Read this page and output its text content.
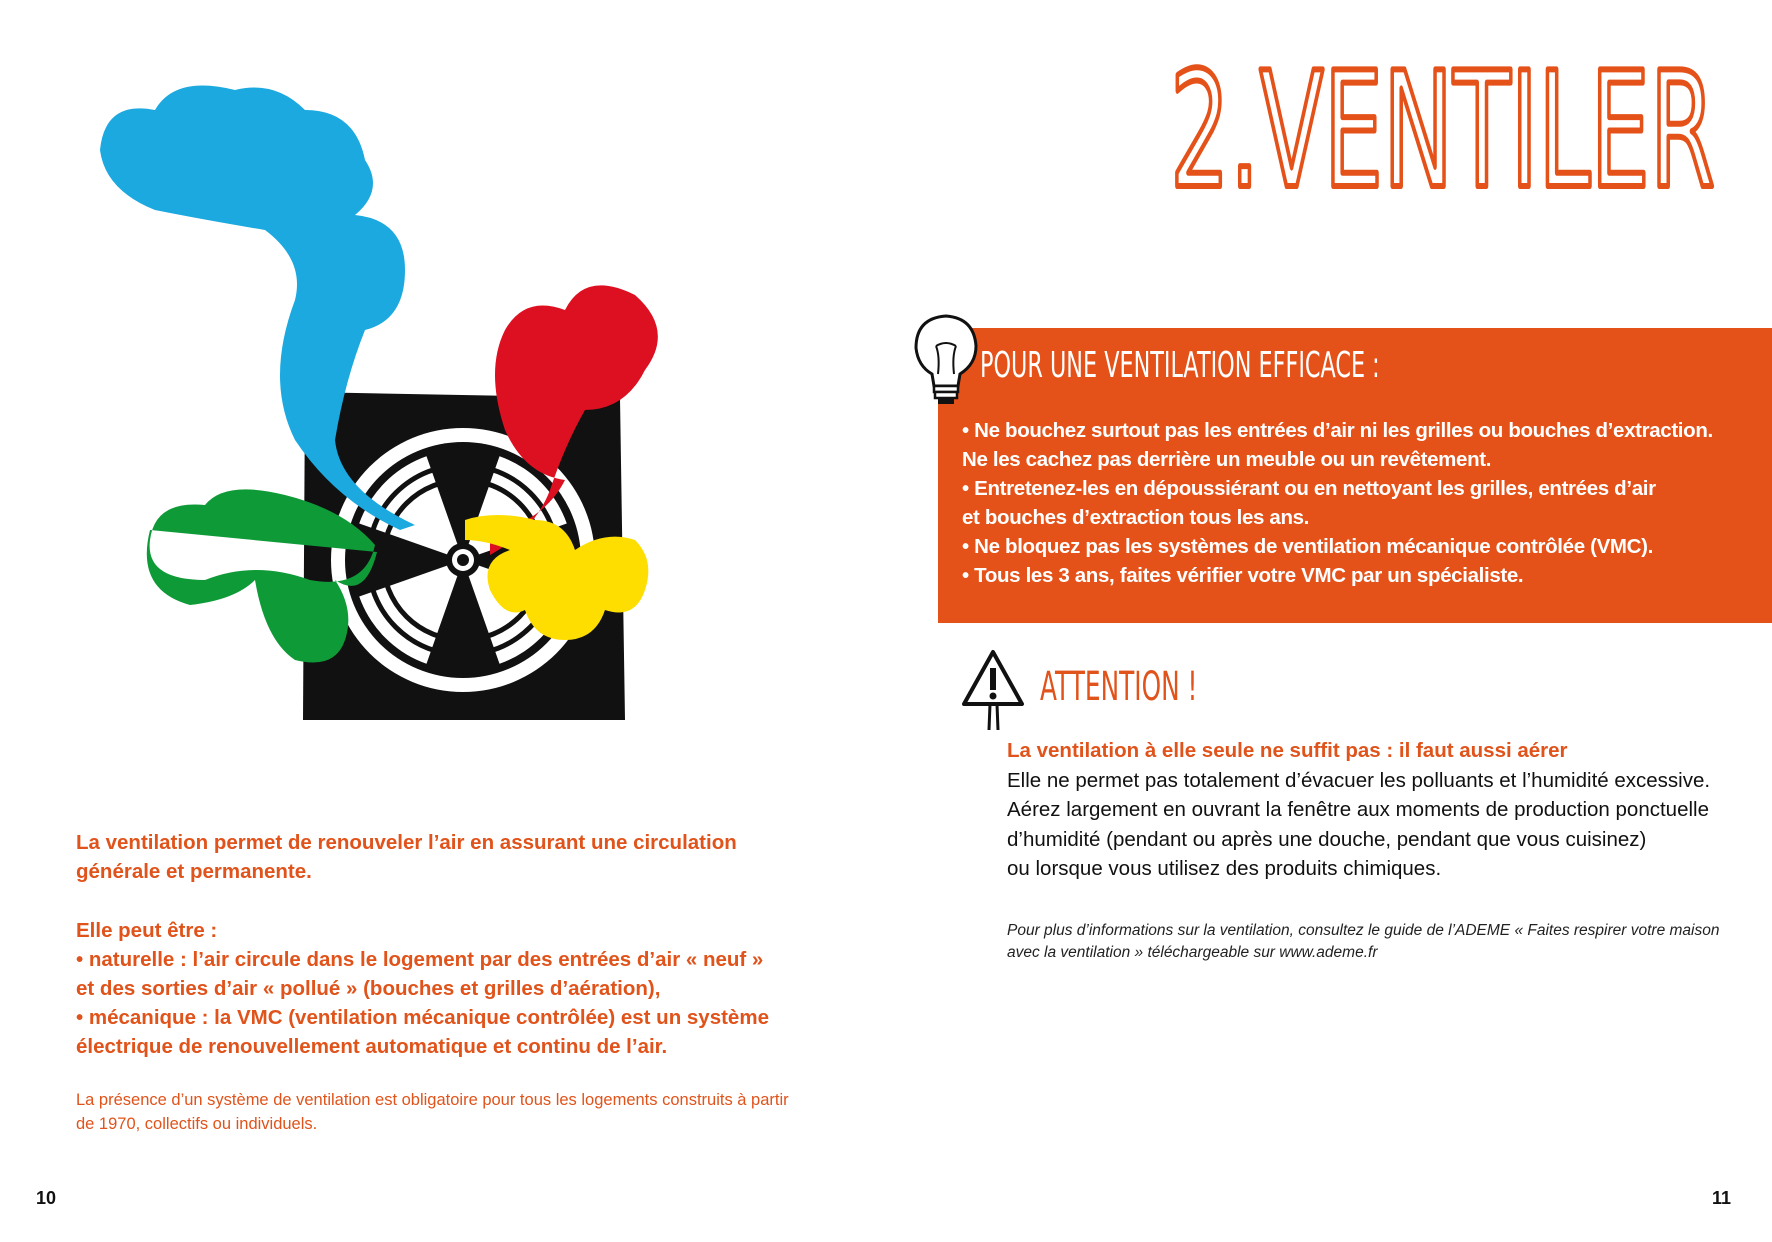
La ventilation permet de renouveler l’air en assurant une circulation

générale et permanente.

Elle peut être :

• naturelle : l’air circule dans le logement par des entrées d’air « neuf »

et des sorties d’air « pollué » (bouches et grilles d’aération),

• mécanique : la VMC (ventilation mécanique contrôlée) est un système

électrique de renouvellement automatique et continu de l’air.

La présence d’un système de ventilation est obligatoire pour tous les logements construits à partir
de 1970, collectifs ou individuels.
10
2.VENTILER
POUR UNE VENTILATION EFFICACE :

• Ne bouchez surtout pas les entrées d’air ni les grilles ou bouches d’extraction.

Ne les cachez pas derrière un meuble ou un revêtement.

• Entretenez-les en dépoussiérant ou en nettoyant les grilles, entrées d’air

et bouches d’extraction tous les ans.

• Ne bloquez pas les systèmes de ventilation mécanique contrôlée (VMC).

• Tous les 3 ans, faites vérifier votre VMC par un spécialiste.

ATTENTION !

La ventilation à elle seule ne suffit pas : il faut aussi aérer

Elle ne permet pas totalement d’évacuer les polluants et l’humidité excessive.

Aérez largement en ouvrant la fenêtre aux moments de production ponctuelle

d’humidité (pendant ou après une douche, pendant que vous cuisinez)

ou lorsque vous utilisez des produits chimiques.

Pour plus d’informations sur la ventilation, consultez le guide de l’ADEME « Faites respirer votre maison

avec la ventilation » téléchargeable sur www.ademe.fr

11
